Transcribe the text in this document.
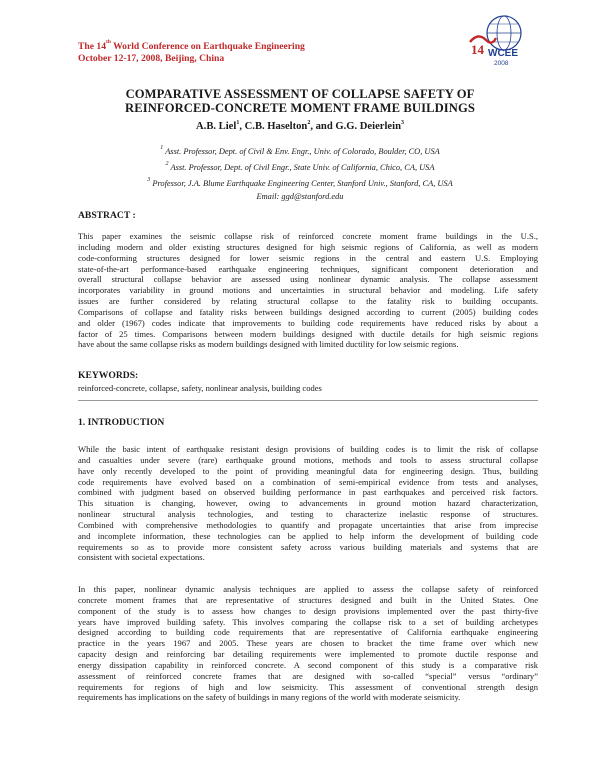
The 14th World Conference on Earthquake Engineering
October 12-17, 2008, Beijing, China
14 WCEE
2008
COMPARATIVE ASSESSMENT OF COLLAPSE SAFETY OF
REINFORCED-CONCRETE MOMENT FRAME BUILDINGS
A.B. Liel$^1$, C.B. Haselton$^2$, and G.G. Deierlein$^3$
$^1$ Asst. Professor, Dept. of Civil & Env. Engr., Univ. of Colorado, Boulder, CO, USA
$^2$ Asst. Professor, Dept. of Civil Engr., State Univ. of California, Chico, CA, USA
$^3$ Professor, J.A. Blume Earthquake Engineering Center, Stanford Univ., Stanford, CA, USA
Email: ggd@stanford.edu
ABSTRACT :
This paper examines the seismic collapse risk of reinforced concrete moment frame buildings in the U.S.,
including modern and older existing structures designed for high seismic regions of California, as well as modern
code-conforming structures designed for lower seismic regions in the central and eastern U.S. Employing
state-of-the-art performance-based earthquake engineering techniques, significant component deterioration and
overall structural collapse behavior are assessed using nonlinear dynamic analysis. The collapse assessment
incorporates variability in ground motions and uncertainties in structural behavior and modeling. Life safety
issues are further considered by relating structural collapse to the fatality risk to building occupants.
Comparisons of collapse and fatality risks between buildings designed according to current (2005) building codes
and older (1967) codes indicate that improvements to building code requirements have reduced risks by about a
factor of 25 times. Comparisons between modern buildings designed with ductile details for high seismic regions
have about the same collapse risks as modern buildings designed with limited ductility for low seismic regions.
KEYWORDS:
reinforced-concrete, collapse, safety, nonlinear analysis, building codes
1. INTRODUCTION
While the basic intent of earthquake resistant design provisions of building codes is to limit the risk of collapse
and casualties under severe (rare) earthquake ground motions, methods and tools to assess structural collapse
have only recently developed to the point of providing meaningful data for engineering design. Thus, building
code requirements have evolved based on a combination of semi-empirical evidence from tests and analyses,
combined with judgment based on observed building performance in past earthquakes and perceived risk factors.
This situation is changing, however, owing to advancements in ground motion hazard characterization,
nonlinear structural analysis technologies, and testing to characterize inelastic response of structures.
Combined with comprehensive methodologies to quantify and propagate uncertainties that arise from imprecise
and incomplete information, these technologies can be applied to help inform the development of building code
requirements so as to provide more consistent safety across various building materials and systems that are
consistent with societal expectations.
In this paper, nonlinear dynamic analysis techniques are applied to assess the collapse safety of reinforced
concrete moment frames that are representative of structures designed and built in the United States. One
component of the study is to assess how changes to design provisions implemented over the past thirty-five
years have improved building safety. This involves comparing the collapse risk to a set of building archetypes
designed according to building code requirements that are representative of California earthquake engineering
practice in the years 1967 and 2005. These years are chosen to bracket the time frame over which new
capacity design and reinforcing bar detailing requirements were implemented to promote ductile response and
energy dissipation capability in reinforced concrete. A second component of this study is a comparative risk
assessment of reinforced concrete frames that are designed with so-called “special” versus “ordinary”
requirements for regions of high and low seismicity. This assessment of conventional strength design
requirements has implications on the safety of buildings in many regions of the world with moderate seismicity.
